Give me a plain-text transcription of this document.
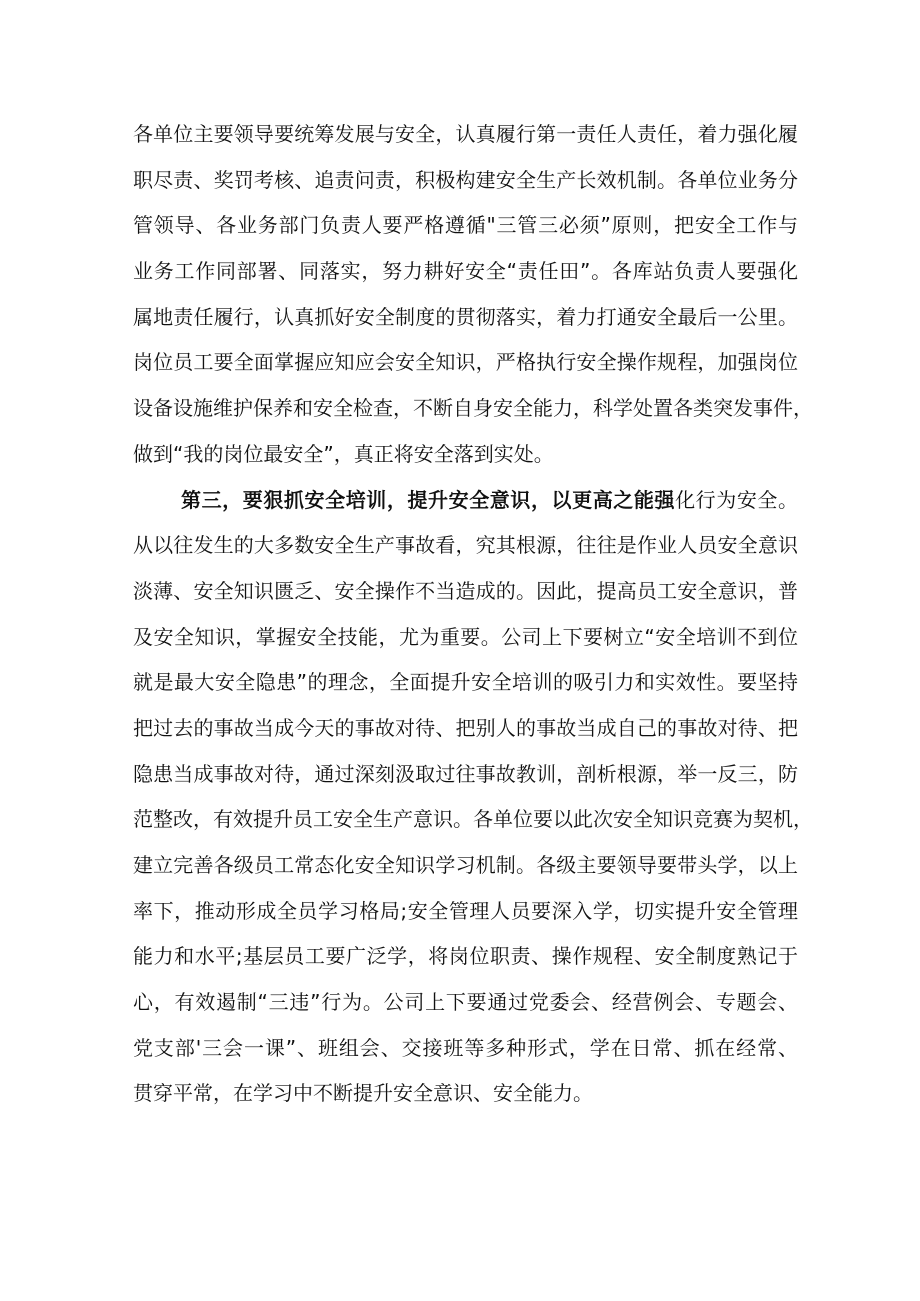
各单位主要领导要统筹发展与安全，认真履行第一责任人责任，着力强化履
职尽责、奖罚考核、追责问责，积极构建安全生产长效机制。各单位业务分
管领导、各业务部门负责人要严格遵循"三管三必须”原则，把安全工作与
业务工作同部署、同落实，努力耕好安全“责任田”。各库站负责人要强化
属地责任履行，认真抓好安全制度的贯彻落实，着力打通安全最后一公里。
岗位员工要全面掌握应知应会安全知识，严格执行安全操作规程，加强岗位
设备设施维护保养和安全检查，不断自身安全能力，科学处置各类突发事件，
做到“我的岗位最安全”，真正将安全落到实处。
第三，要狠抓安全培训，提升安全意识，以更高之能强化行为安全。
从以往发生的大多数安全生产事故看，究其根源，往往是作业人员安全意识
淡薄、安全知识匮乏、安全操作不当造成的。因此，提高员工安全意识，普
及安全知识，掌握安全技能，尤为重要。公司上下要树立“安全培训不到位
就是最大安全隐患”的理念，全面提升安全培训的吸引力和实效性。要坚持
把过去的事故当成今天的事故对待、把别人的事故当成自己的事故对待、把
隐患当成事故对待，通过深刻汲取过往事故教训，剖析根源，举一反三，防
范整改，有效提升员工安全生产意识。各单位要以此次安全知识竞赛为契机，
建立完善各级员工常态化安全知识学习机制。各级主要领导要带头学，以上
率下，推动形成全员学习格局;安全管理人员要深入学，切实提升安全管理
能力和水平;基层员工要广泛学，将岗位职责、操作规程、安全制度熟记于
心，有效遏制“三违”行为。公司上下要通过党委会、经营例会、专题会、
党支部'三会一课”、班组会、交接班等多种形式，学在日常、抓在经常、
贯穿平常，在学习中不断提升安全意识、安全能力。
